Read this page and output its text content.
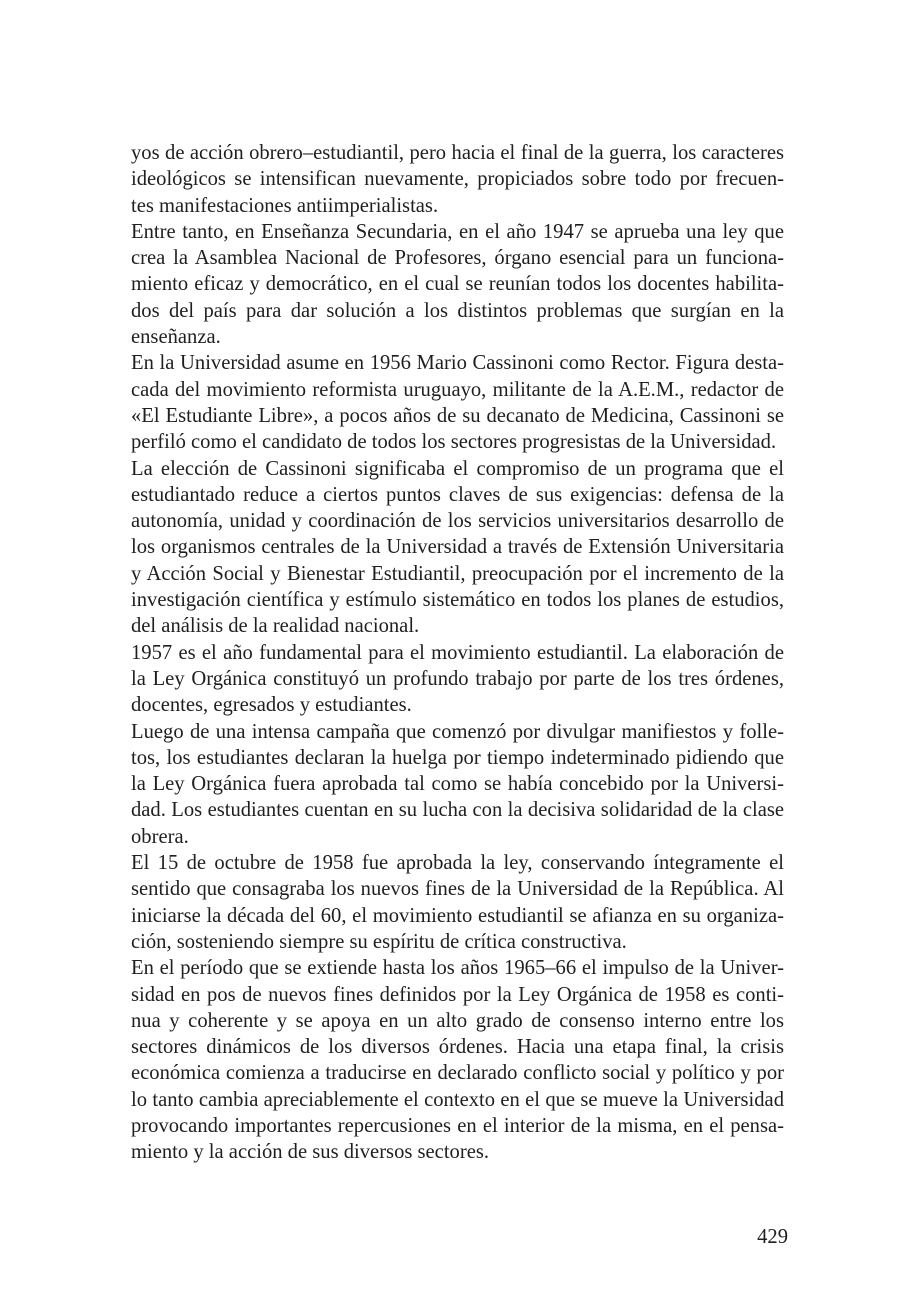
yos de acción obrero–estudiantil, pero hacia el final de la guerra, los caracteres
ideológicos se intensifican nuevamente, propiciados sobre todo por frecuen-
tes manifestaciones antiimperialistas.
Entre tanto, en Enseñanza Secundaria, en el año 1947 se aprueba una ley que
crea la Asamblea Nacional de Profesores, órgano esencial para un funciona-
miento eficaz y democrático, en el cual se reunían todos los docentes habilita-
dos del país para dar solución a los distintos problemas que surgían en la
enseñanza.
En la Universidad asume en 1956 Mario Cassinoni como Rector. Figura desta-
cada del movimiento reformista uruguayo, militante de la A.E.M., redactor de
«El Estudiante Libre», a pocos años de su decanato de Medicina, Cassinoni se
perfiló como el candidato de todos los sectores progresistas de la Universidad.
La elección de Cassinoni significaba el compromiso de un programa que el
estudiantado reduce a ciertos puntos claves de sus exigencias: defensa de la
autonomía, unidad y coordinación de los servicios universitarios desarrollo de
los organismos centrales de la Universidad a través de Extensión Universitaria
y Acción Social y Bienestar Estudiantil, preocupación por el incremento de la
investigación científica y estímulo sistemático en todos los planes de estudios,
del análisis de la realidad nacional.
1957 es el año fundamental para el movimiento estudiantil. La elaboración de
la Ley Orgánica constituyó un profundo trabajo por parte de los tres órdenes,
docentes, egresados y estudiantes.
Luego de una intensa campaña que comenzó por divulgar manifiestos y folle-
tos, los estudiantes declaran la huelga por tiempo indeterminado pidiendo que
la Ley Orgánica fuera aprobada tal como se había concebido por la Universi-
dad. Los estudiantes cuentan en su lucha con la decisiva solidaridad de la clase
obrera.
El 15 de octubre de 1958 fue aprobada la ley, conservando íntegramente el
sentido que consagraba los nuevos fines de la Universidad de la República. Al
iniciarse la década del 60, el movimiento estudiantil se afianza en su organiza-
ción, sosteniendo siempre su espíritu de crítica constructiva.
En el período que se extiende hasta los años 1965–66 el impulso de la Univer-
sidad en pos de nuevos fines definidos por la Ley Orgánica de 1958 es conti-
nua y coherente y se apoya en un alto grado de consenso interno entre los
sectores dinámicos de los diversos órdenes. Hacia una etapa final, la crisis
económica comienza a traducirse en declarado conflicto social y político y por
lo tanto cambia apreciablemente el contexto en el que se mueve la Universidad
provocando importantes repercusiones en el interior de la misma, en el pensa-
miento y la acción de sus diversos sectores.
429
